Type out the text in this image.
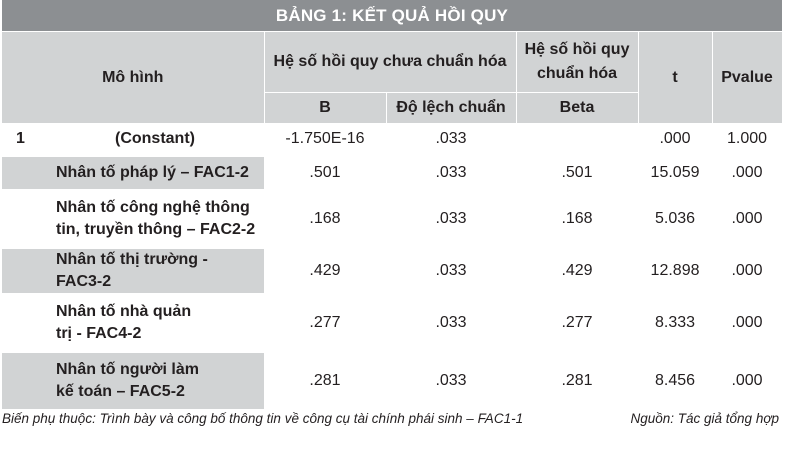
BẢNG 1: KẾT QUẢ HỒI QUY
Mô hình		Hệ số hồi quy chưa chuẩn hóa		Hệ số hồi quy chuẩn hóa	t	Pvalue
		B	Độ lệch chuẩn	Beta		
1	(Constant)	-1.750E-16	.033		.000	1.000
	Nhân tố pháp lý – FAC1-2	.501	.033	.501	15.059	.000

	Nhân tố công nghệ thông
tin, truyền thông – FAC2-2	.168	.033	.168	5.036	.000
	Nhân tố thị trường - FAC3-2	.429	.033	.429	12.898	.000

	Nhân tố nhà quản
trị - FAC4-2	.277	.033	.277	8.333	.000

	Nhân tố người làm
kế toán – FAC5-2	.281	.033	.281	8.456	.000
Biến phụ thuộc: Trình bày và công bố thông tin về công cụ tài chính phái sinh – FAC1-1	Nguồn: Tác giả tổng hợp
